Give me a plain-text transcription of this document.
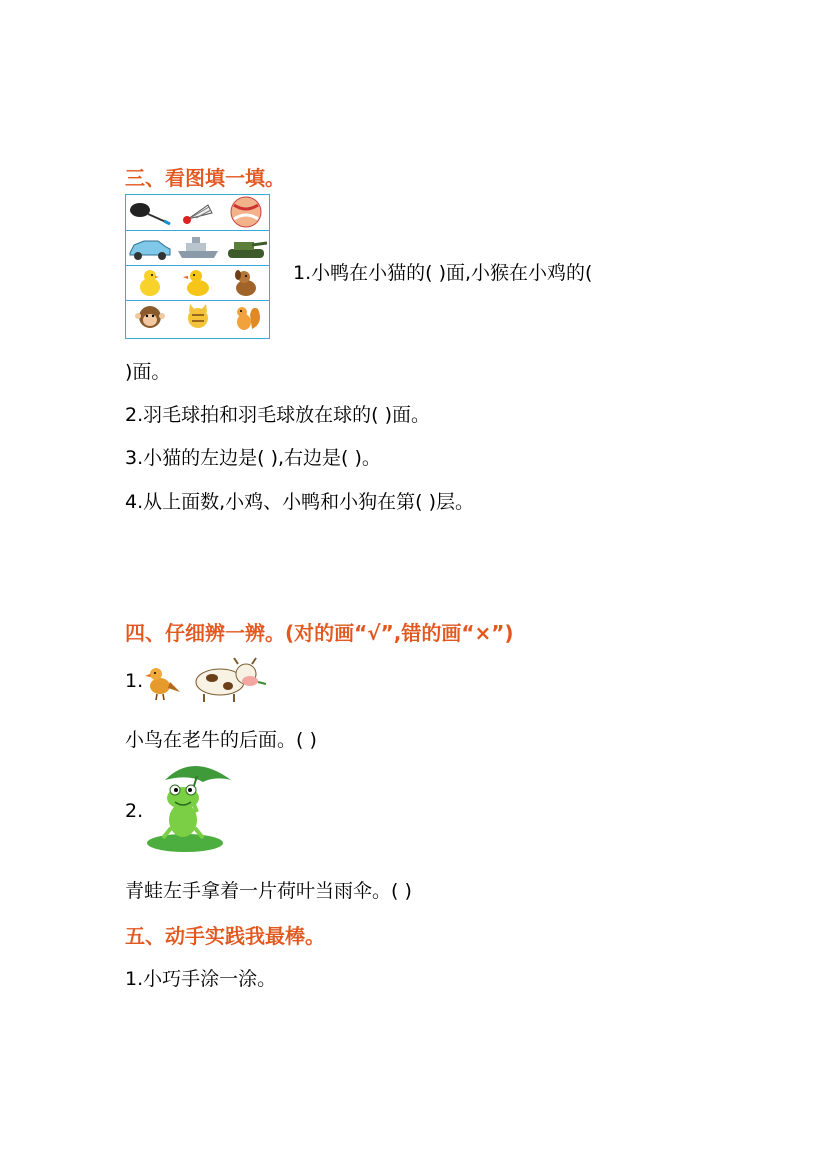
三、看图填一填。
1.小鸭在小猫的( )面,小猴在小鸡的(
)面。
2.羽毛球拍和羽毛球放在球的( )面。
3.小猫的左边是( ),右边是( )。
4.从上面数,小鸡、小鸭和小狗在第( )层。
四、仔细辨一辨。(对的画“√”,错的画“×”)
1.
小鸟在老牛的后面。( )
2.
青蛙左手拿着一片荷叶当雨伞。( )
五、动手实践我最棒。
1.小巧手涂一涂。
